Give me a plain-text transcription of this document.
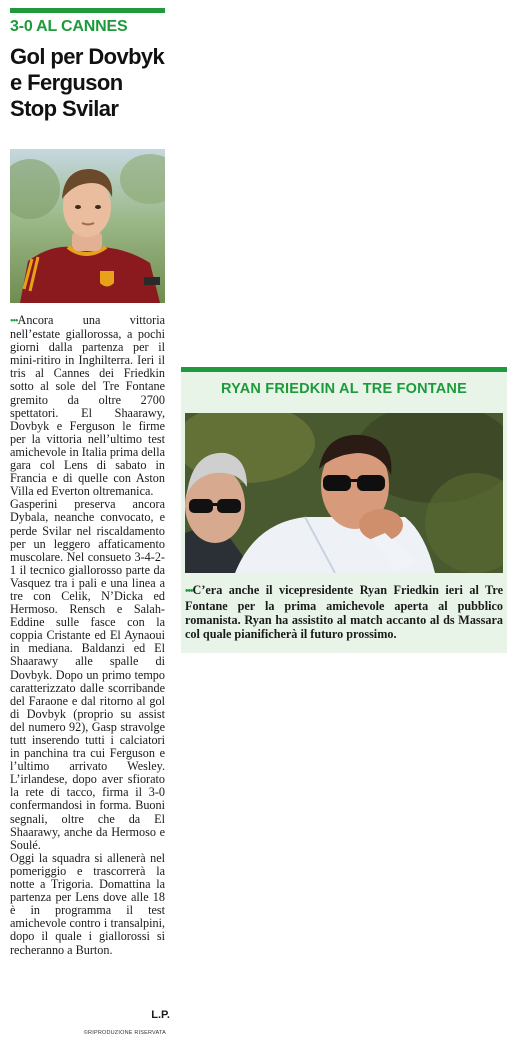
3-0 AL CANNES
Gol per Dovbyk
e Ferguson
Stop Svilar

••• Ancora una vittoria nell’estate giallorossa, a pochi giorni dalla partenza per il mini-ritiro in Inghilterra. Ieri il tris al Cannes dei Friedkin sotto al sole del Tre Fontane gremito da oltre 2700 spettatori. El Shaarawy, Dovbyk e Ferguson le firme per la vittoria nell’ultimo test amichevole in Italia prima della gara col Lens di sabato in Francia e di quelle con Aston Villa ed Everton oltremanica.

Gasperini preserva ancora Dybala, neanche convocato, e perde Svilar nel riscaldamento per un leggero affaticamento muscolare. Nel consueto 3-4-2-1 il tecnico giallorosso parte da Vasquez tra i pali e una linea a tre con Celik, N’Dicka ed Hermoso. Rensch e Salah-Eddine sulle fasce con la coppia Cristante ed El Aynaoui in mediana. Baldanzi ed El Shaarawy alle spalle di Dovbyk. Dopo un primo tempo caratterizzato dalle scorribande del Faraone e dal ritorno al gol di Dovbyk (proprio su assist del numero 92), Gasp stravolge tutt inserendo tutti i calciatori in panchina tra cui Ferguson e l’ultimo arrivato Wesley. L’irlandese, dopo aver sfiorato la rete di tacco, firma il 3-0 confermandosi in forma. Buoni segnali, oltre che da El Shaarawy, anche da Hermoso e Soulé.

Oggi la squadra si allenerà nel pomeriggio e trascorrerà la notte a Trigoria. Domattina la partenza per Lens dove alle 18 è in programma il test amichevole contro i transalpini, dopo il quale i giallorossi si recheranno a Burton.

L.P.
©RIPRODUZIONE RISERVATA
RYAN FRIEDKIN AL TRE FONTANE
••• C’era anche il vicepresidente Ryan Friedkin ieri al Tre Fontane per la prima amichevole aperta al pubblico romanista. Ryan ha assistito al match accanto al ds Massara col quale pianificherà il futuro prossimo.
